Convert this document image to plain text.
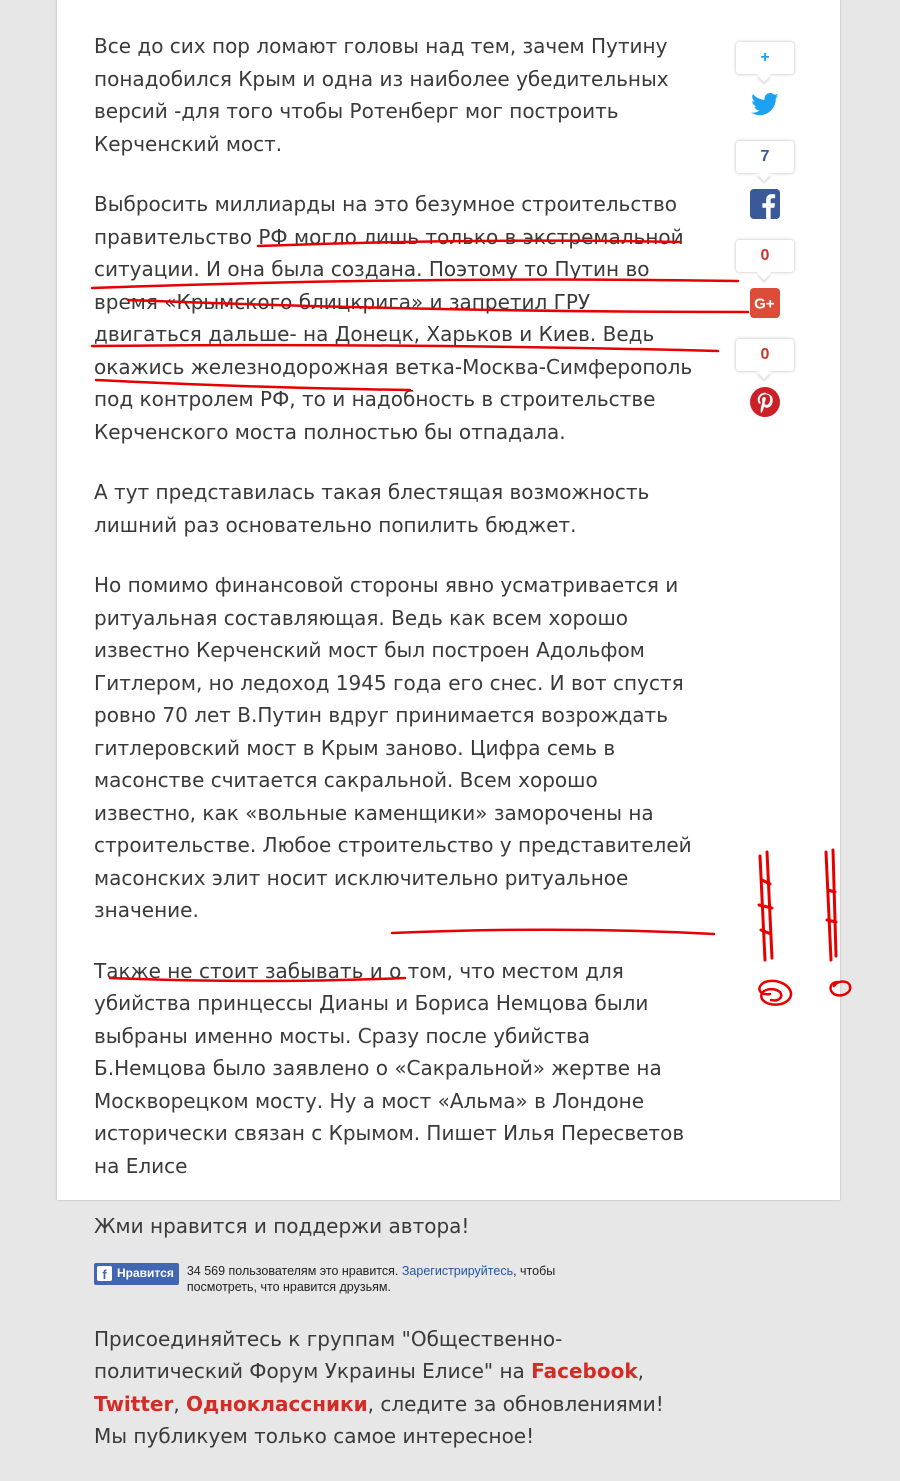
Все до сих пор ломают головы над тем, зачем Путину понадобился Крым и одна из наиболее убедительных версий -для того чтобы Ротенберг мог построить Керченский мост.

Выбросить миллиарды на это безумное строительство правительство РФ могло лишь только в экстремальной ситуации. И она была создана. Поэтому то Путин во время «Крымского блицкрига» и запретил ГРУ двигаться дальше- на Донецк, Харьков и Киев. Ведь окажись железнодорожная ветка-Москва-Симферополь под контролем РФ, то и надобность в строительстве Керченского моста полностью бы отпадала.

А тут представилась такая блестящая возможность лишний раз основательно попилить бюджет.

Но помимо финансовой стороны явно усматривается и ритуальная составляющая. Ведь как всем хорошо известно Керченский мост был построен Адольфом Гитлером, но ледоход 1945 года его снес. И вот спустя ровно 70 лет В.Путин вдруг принимается возрождать гитлеровский мост в Крым заново. Цифра семь в масонстве считается сакральной. Всем хорошо известно, как «вольные каменщики» заморочены на строительстве. Любое строительство у представителей масонских элит носит исключительно ритуальное значение.

Также не стоит забывать и о том, что местом для убийства принцессы Дианы и Бориса Немцова были выбраны именно мосты. Сразу после убийства Б.Немцова было заявлено о «Сакральной» жертве на Москворецком мосту. Ну а мост «Альма» в Лондоне исторически связан с Крымом. Пишет Илья Пересветов на Елисе

Жми нравится и поддержи автора!

f Нравится 34 569 пользователям это нравится. Зарегистрируйтесь, чтобы посмотреть, что нравится друзьям.

Присоединяйтесь к группам "Общественно-политический Форум Украины Елисе" на Facebook, Twitter, Одноклассники, следите за обновлениями! Мы публикуем только самое интересное!

+
7
0
G+
0
